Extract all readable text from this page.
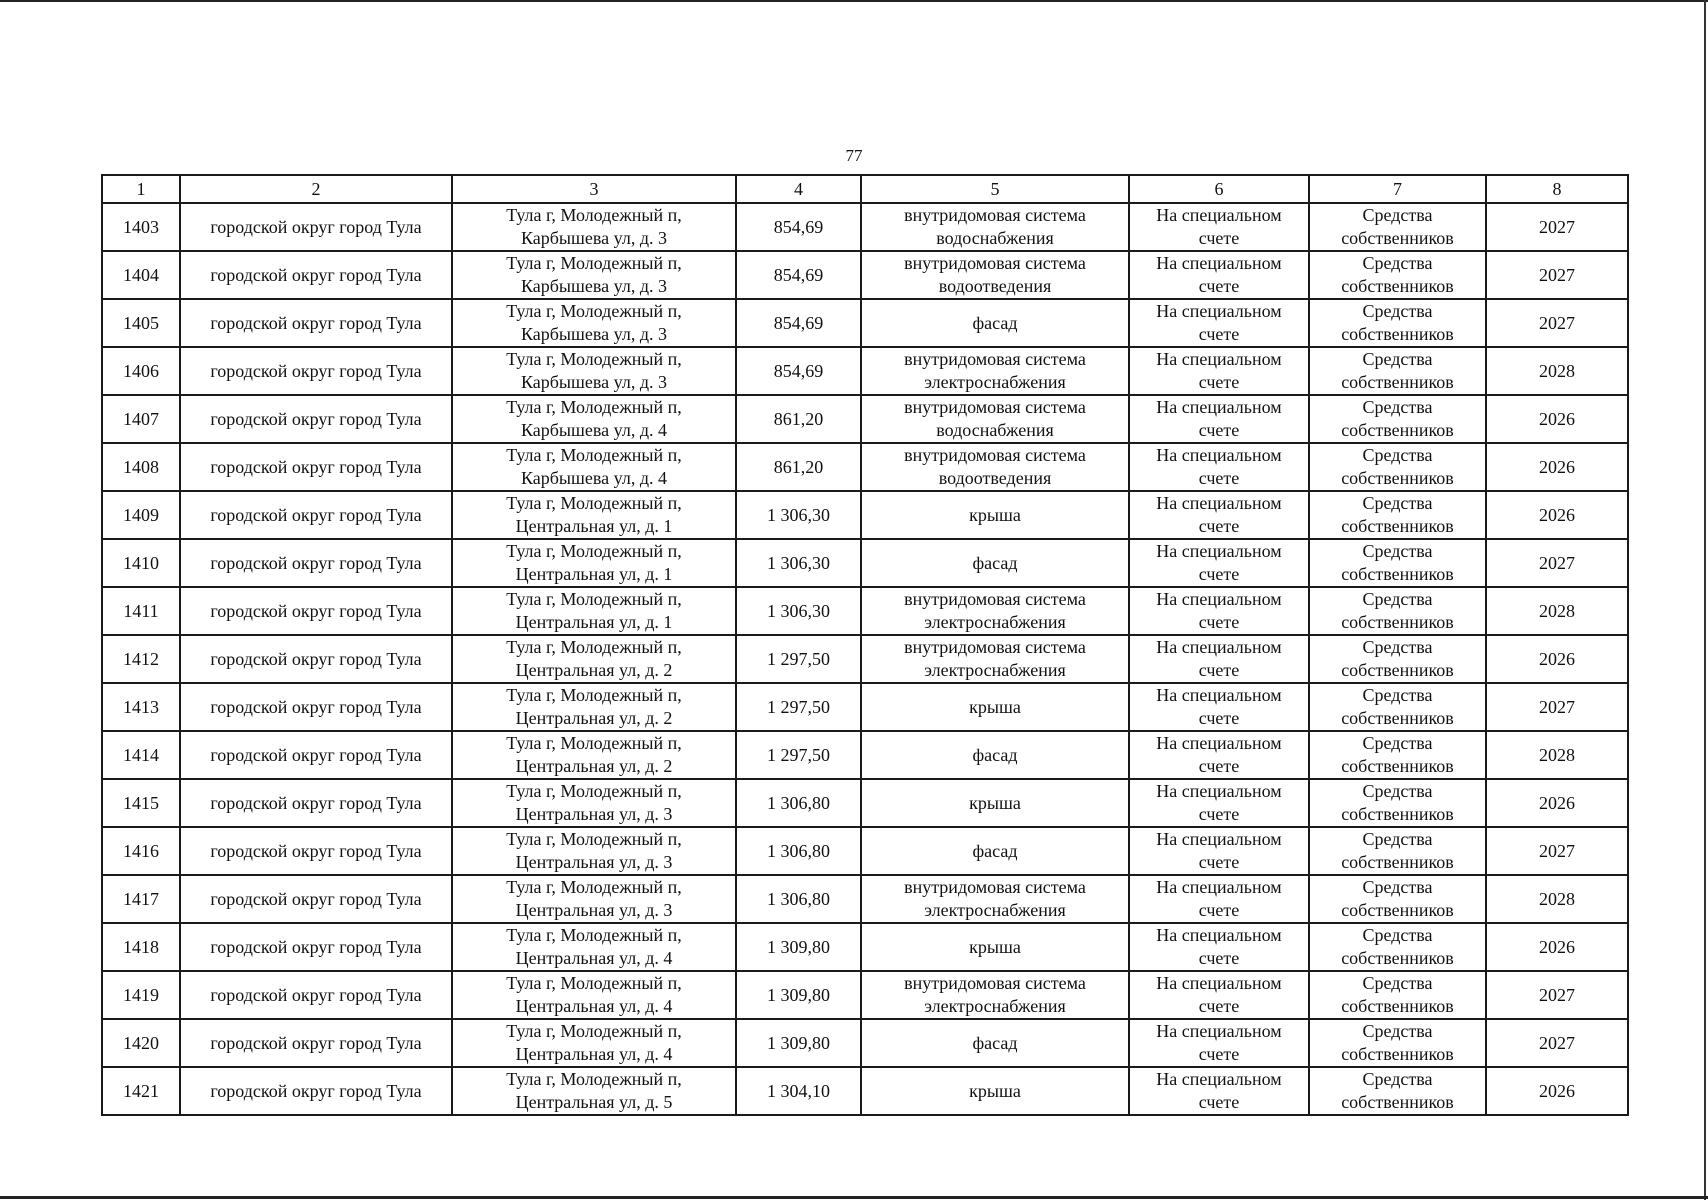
77
1	2	3	4	5	6	7	8
1403	городской округ город Тула	Тула г, Молодежный п,
Карбышева ул, д. 3	854,69	внутридомовая система
водоснабжения	На специальном
счете	Средства
собственников	2027
1404	городской округ город Тула	Тула г, Молодежный п,
Карбышева ул, д. 3	854,69	внутридомовая система
водоотведения	На специальном
счете	Средства
собственников	2027
1405	городской округ город Тула	Тула г, Молодежный п,
Карбышева ул, д. 3	854,69	фасад	На специальном
счете	Средства
собственников	2027
1406	городской округ город Тула	Тула г, Молодежный п,
Карбышева ул, д. 3	854,69	внутридомовая система
электроснабжения	На специальном
счете	Средства
собственников	2028
1407	городской округ город Тула	Тула г, Молодежный п,
Карбышева ул, д. 4	861,20	внутридомовая система
водоснабжения	На специальном
счете	Средства
собственников	2026
1408	городской округ город Тула	Тула г, Молодежный п,
Карбышева ул, д. 4	861,20	внутридомовая система
водоотведения	На специальном
счете	Средства
собственников	2026
1409	городской округ город Тула	Тула г, Молодежный п,
Центральная ул, д. 1	1 306,30	крыша	На специальном
счете	Средства
собственников	2026
1410	городской округ город Тула	Тула г, Молодежный п,
Центральная ул, д. 1	1 306,30	фасад	На специальном
счете	Средства
собственников	2027
1411	городской округ город Тула	Тула г, Молодежный п,
Центральная ул, д. 1	1 306,30	внутридомовая система
электроснабжения	На специальном
счете	Средства
собственников	2028
1412	городской округ город Тула	Тула г, Молодежный п,
Центральная ул, д. 2	1 297,50	внутридомовая система
электроснабжения	На специальном
счете	Средства
собственников	2026
1413	городской округ город Тула	Тула г, Молодежный п,
Центральная ул, д. 2	1 297,50	крыша	На специальном
счете	Средства
собственников	2027
1414	городской округ город Тула	Тула г, Молодежный п,
Центральная ул, д. 2	1 297,50	фасад	На специальном
счете	Средства
собственников	2028
1415	городской округ город Тула	Тула г, Молодежный п,
Центральная ул, д. 3	1 306,80	крыша	На специальном
счете	Средства
собственников	2026
1416	городской округ город Тула	Тула г, Молодежный п,
Центральная ул, д. 3	1 306,80	фасад	На специальном
счете	Средства
собственников	2027
1417	городской округ город Тула	Тула г, Молодежный п,
Центральная ул, д. 3	1 306,80	внутридомовая система
электроснабжения	На специальном
счете	Средства
собственников	2028
1418	городской округ город Тула	Тула г, Молодежный п,
Центральная ул, д. 4	1 309,80	крыша	На специальном
счете	Средства
собственников	2026
1419	городской округ город Тула	Тула г, Молодежный п,
Центральная ул, д. 4	1 309,80	внутридомовая система
электроснабжения	На специальном
счете	Средства
собственников	2027
1420	городской округ город Тула	Тула г, Молодежный п,
Центральная ул, д. 4	1 309,80	фасад	На специальном
счете	Средства
собственников	2027
1421	городской округ город Тула	Тула г, Молодежный п,
Центральная ул, д. 5	1 304,10	крыша	На специальном
счете	Средства
собственников	2026
